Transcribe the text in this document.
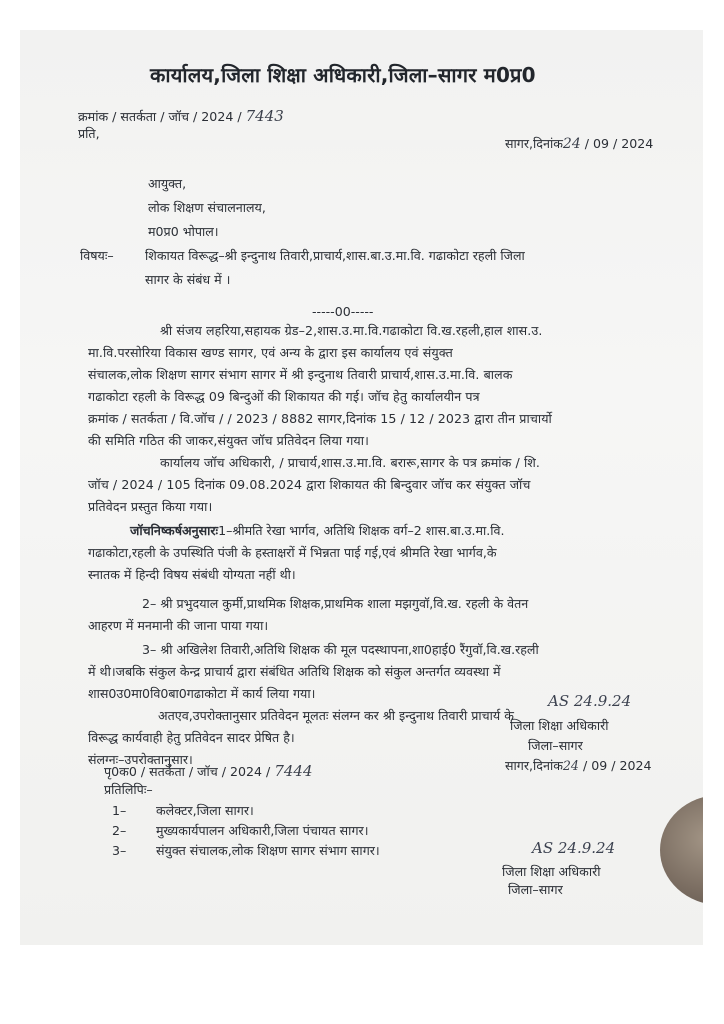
कार्यालय,जिला शिक्षा अधिकारी,जिला–सागर म0प्र0
क्रमांक / सतर्कता / जॉच / 2024 / 7443
प्रति,
सागर,दिनांक24 / 09 / 2024
आयुक्त,
लोक शिक्षण संचालनालय,
म0प्र0 भोपाल।
विषयः– शिकायत विरूद्ध–श्री इन्दुनाथ तिवारी,प्राचार्य,शास.बा.उ.मा.वि. गढाकोटा रहली जिला
सागर के संबंध में ।
-----00-----
श्री संजय लहरिया,सहायक ग्रेड–2,शास.उ.मा.वि.गढाकोटा वि.ख.रहली,हाल शास.उ.
मा.वि.परसोरिया विकास खण्ड सागर, एवं अन्य के द्वारा इस कार्यालय एवं संयुक्त
संचालक,लोक शिक्षण सागर संभाग सागर में श्री इन्दुनाथ तिवारी प्राचार्य,शास.उ.मा.वि. बालक
गढाकोटा रहली के विरूद्ध 09 बिन्दुओं की शिकायत की गई। जॉच हेतु कार्यालयीन पत्र
क्रमांक / सतर्कता / वि.जॉच / / 2023 / 8882 सागर,दिनांक 15 / 12 / 2023 द्वारा तीन प्राचार्यो
की समिति गठित की जाकर,संयुक्त जॉच प्रतिवेदन लिया गया।
कार्यालय जॉच अधिकारी, / प्राचार्य,शास.उ.मा.वि. बरारू,सागर के पत्र क्रमांक / शि.
जॉच / 2024 / 105 दिनांक 09.08.2024 द्वारा शिकायत की बिन्दुवार जॉच कर संयुक्त जॉच
प्रतिवेदन प्रस्तुत किया गया।
जॉचनिष्कर्षअनुसारः1–श्रीमति रेखा भार्गव, अतिथि शिक्षक वर्ग–2 शास.बा.उ.मा.वि.
गढाकोटा,रहली के उपस्थिति पंजी के हस्ताक्षरों में भिन्नता पाई गई,एवं श्रीमति रेखा भार्गव,के
स्नातक में हिन्दी विषय संबंधी योग्यता नहीं थी।
2– श्री प्रभुदयाल कुर्मी,प्राथमिक शिक्षक,प्राथमिक शाला मझगुवॉ,वि.ख. रहली के वेतन
आहरण में मनमानी की जाना पाया गया।
3– श्री अखिलेश तिवारी,अतिथि शिक्षक की मूल पदस्थापना,शा0हाई0 रैंगुवॉ,वि.ख.रहली
में थी।जबकि संकुल केन्द्र प्राचार्य द्वारा संबंधित अतिथि शिक्षक को संकुल अन्तर्गत व्यवस्था में
शास0उ0मा0वि0बा0गढाकोटा में कार्य लिया गया।
अतएव,उपरोक्तानुसार प्रतिवेदन मूलतः संलग्न कर श्री इन्दुनाथ तिवारी प्राचार्य के
विरूद्ध कार्यवाही हेतु प्रतिवेदन सादर प्रेषित है।
संलग्नः–उपरोक्तानुसार।
AS 24.9.24
जिला शिक्षा अधिकारी
जिला–सागर
सागर,दिनांक24 / 09 / 2024
पृ0क0 / सतर्कता / जॉच / 2024 / 7444
प्रतिलिपिः–
1– कलेक्टर,जिला सागर।
2– मुख्यकार्यपालन अधिकारी,जिला पंचायत सागर।
3– संयुक्त संचालक,लोक शिक्षण सागर संभाग सागर।	AS 24.9.24
जिला शिक्षा अधिकारी
जिला–सागर
